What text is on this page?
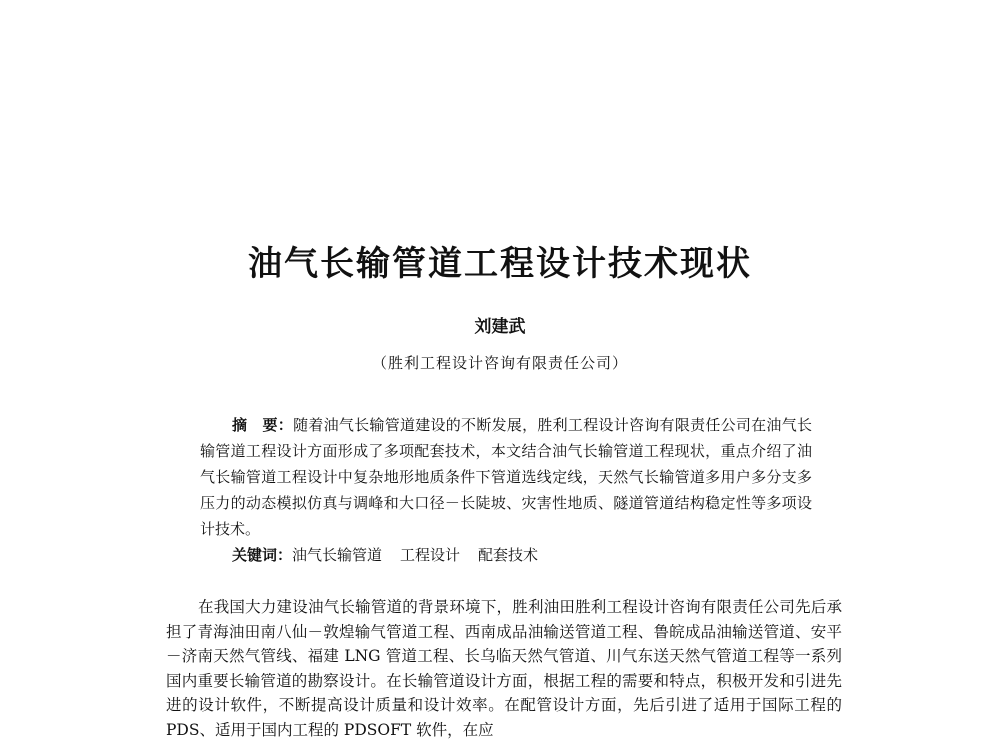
油气长输管道工程设计技术现状
刘建武
（胜利工程设计咨询有限责任公司）

摘　要：随着油气长输管道建设的不断发展，胜利工程设计咨询有限责任公司在油气长输管道工程设计方面形成了多项配套技术，本文结合油气长输管道工程现状，重点介绍了油气长输管道工程设计中复杂地形地质条件下管道选线定线，天然气长输管道多用户多分支多压力的动态模拟仿真与调峰和大口径－长陡坡、灾害性地质、隧道管道结构稳定性等多项设计技术。

关键词：油气长输管道 工程设计 配套技术

在我国大力建设油气长输管道的背景环境下，胜利油田胜利工程设计咨询有限责任公司先后承担了青海油田南八仙－敦煌输气管道工程、西南成品油输送管道工程、鲁皖成品油输送管道、安平－济南天然气管线、福建 LNG 管道工程、长乌临天然气管道、川气东送天然气管道工程等一系列国内重要长输管道的勘察设计。在长输管道设计方面，根据工程的需要和特点，积极开发和引进先进的设计软件，不断提高设计质量和设计效率。在配管设计方面，先后引进了适用于国际工程的 PDS、适用于国内工程的 PDSOFT 软件，在应
